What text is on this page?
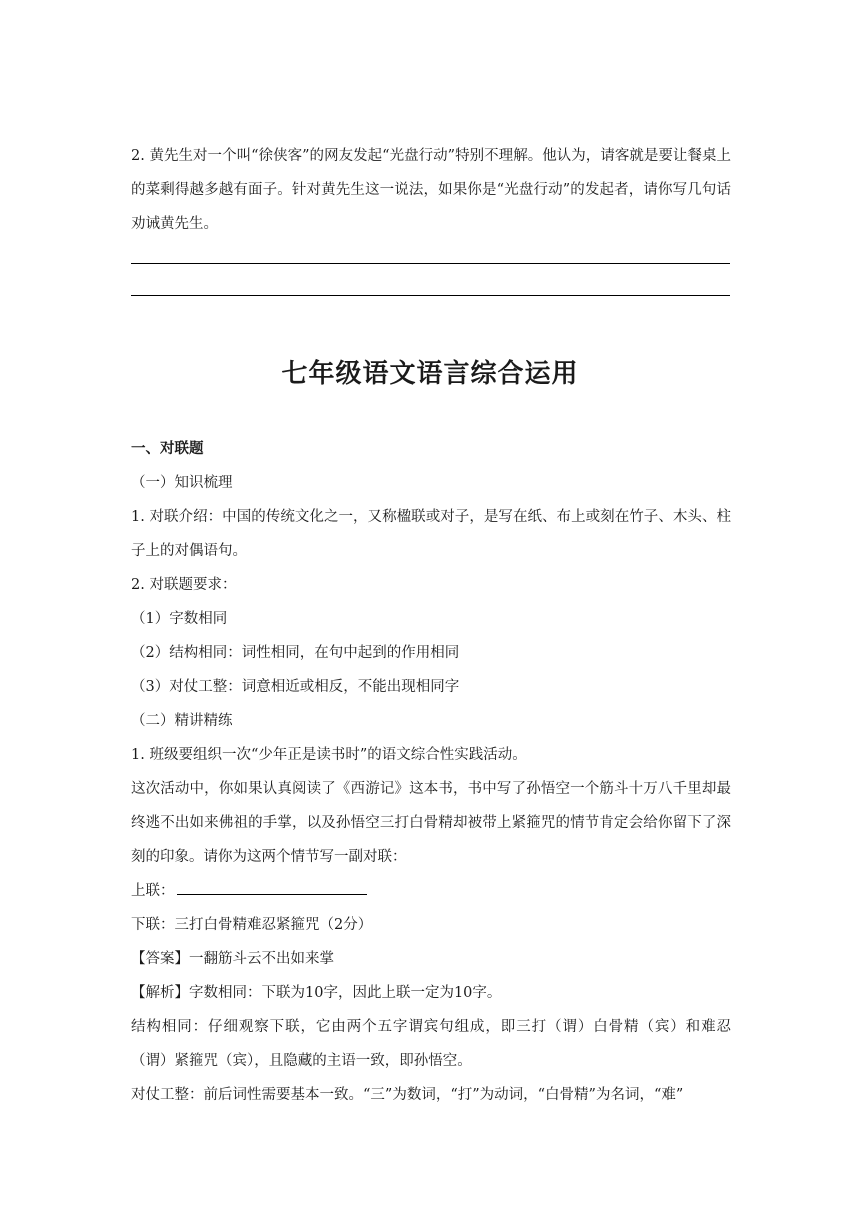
2. 黄先生对一个叫“徐侠客”的网友发起“光盘行动”特别不理解。他认为，请客就是要让餐桌上的菜剩得越多越有面子。针对黄先生这一说法，如果你是“光盘行动”的发起者，请你写几句话劝诫黄先生。

七年级语文语言综合运用

一、对联题

（一）知识梳理

1. 对联介绍：中国的传统文化之一，又称楹联或对子，是写在纸、布上或刻在竹子、木头、柱子上的对偶语句。

2. 对联题要求：

（1）字数相同

（2）结构相同：词性相同，在句中起到的作用相同

（3）对仗工整：词意相近或相反，不能出现相同字

（二）精讲精练

1. 班级要组织一次“少年正是读书时”的语文综合性实践活动。

这次活动中，你如果认真阅读了《西游记》这本书，书中写了孙悟空一个筋斗十万八千里却最终逃不出如来佛祖的手掌，以及孙悟空三打白骨精却被带上紧箍咒的情节肯定会给你留下了深刻的印象。请你为这两个情节写一副对联：

上联：

下联：三打白骨精难忍紧箍咒（2分）

【答案】一翻筋斗云不出如来掌

【解析】字数相同：下联为10字，因此上联一定为10字。

结构相同：仔细观察下联，它由两个五字谓宾句组成，即三打（谓）白骨精（宾）和难忍（谓）紧箍咒（宾），且隐藏的主语一致，即孙悟空。

对仗工整：前后词性需要基本一致。“三”为数词，“打”为动词，“白骨精”为名词，“难”
